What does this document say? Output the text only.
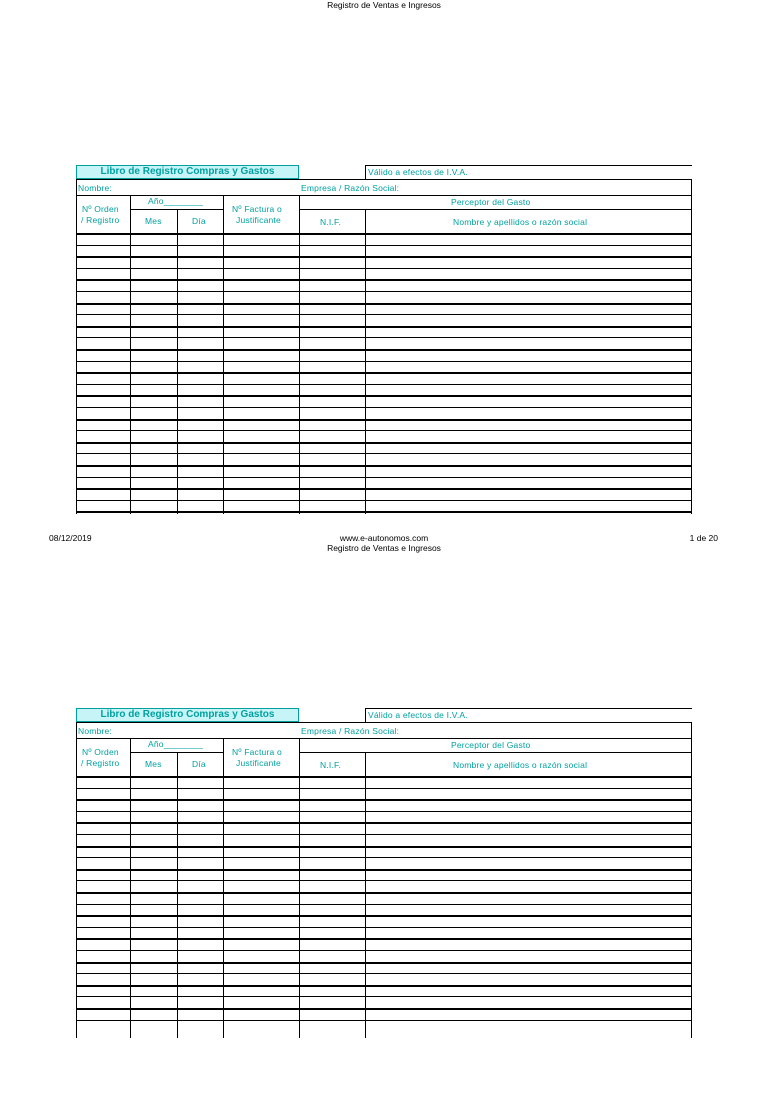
Registro de Ventas e Ingresos
Libro de Registro Compras y Gastos	Válido a efectos de I.V.A.
Nombre:	Empresa / Razón Social:
Nº Orden
/ Registro
Año________
Mes	Día
Nº Factura o
Justificante
Perceptor del Gasto
N.I.F.	Nombre y apellidos o razón social
08/12/2019	www.e-autonomos.com	1 de 20
Registro de Ventas e Ingresos
Libro de Registro Compras y Gastos	Válido a efectos de I.V.A.
Nombre:	Empresa / Razón Social:
Nº Orden
/ Registro
Año________
Mes	Día
Nº Factura o
Justificante
Perceptor del Gasto
N.I.F.	Nombre y apellidos o razón social
